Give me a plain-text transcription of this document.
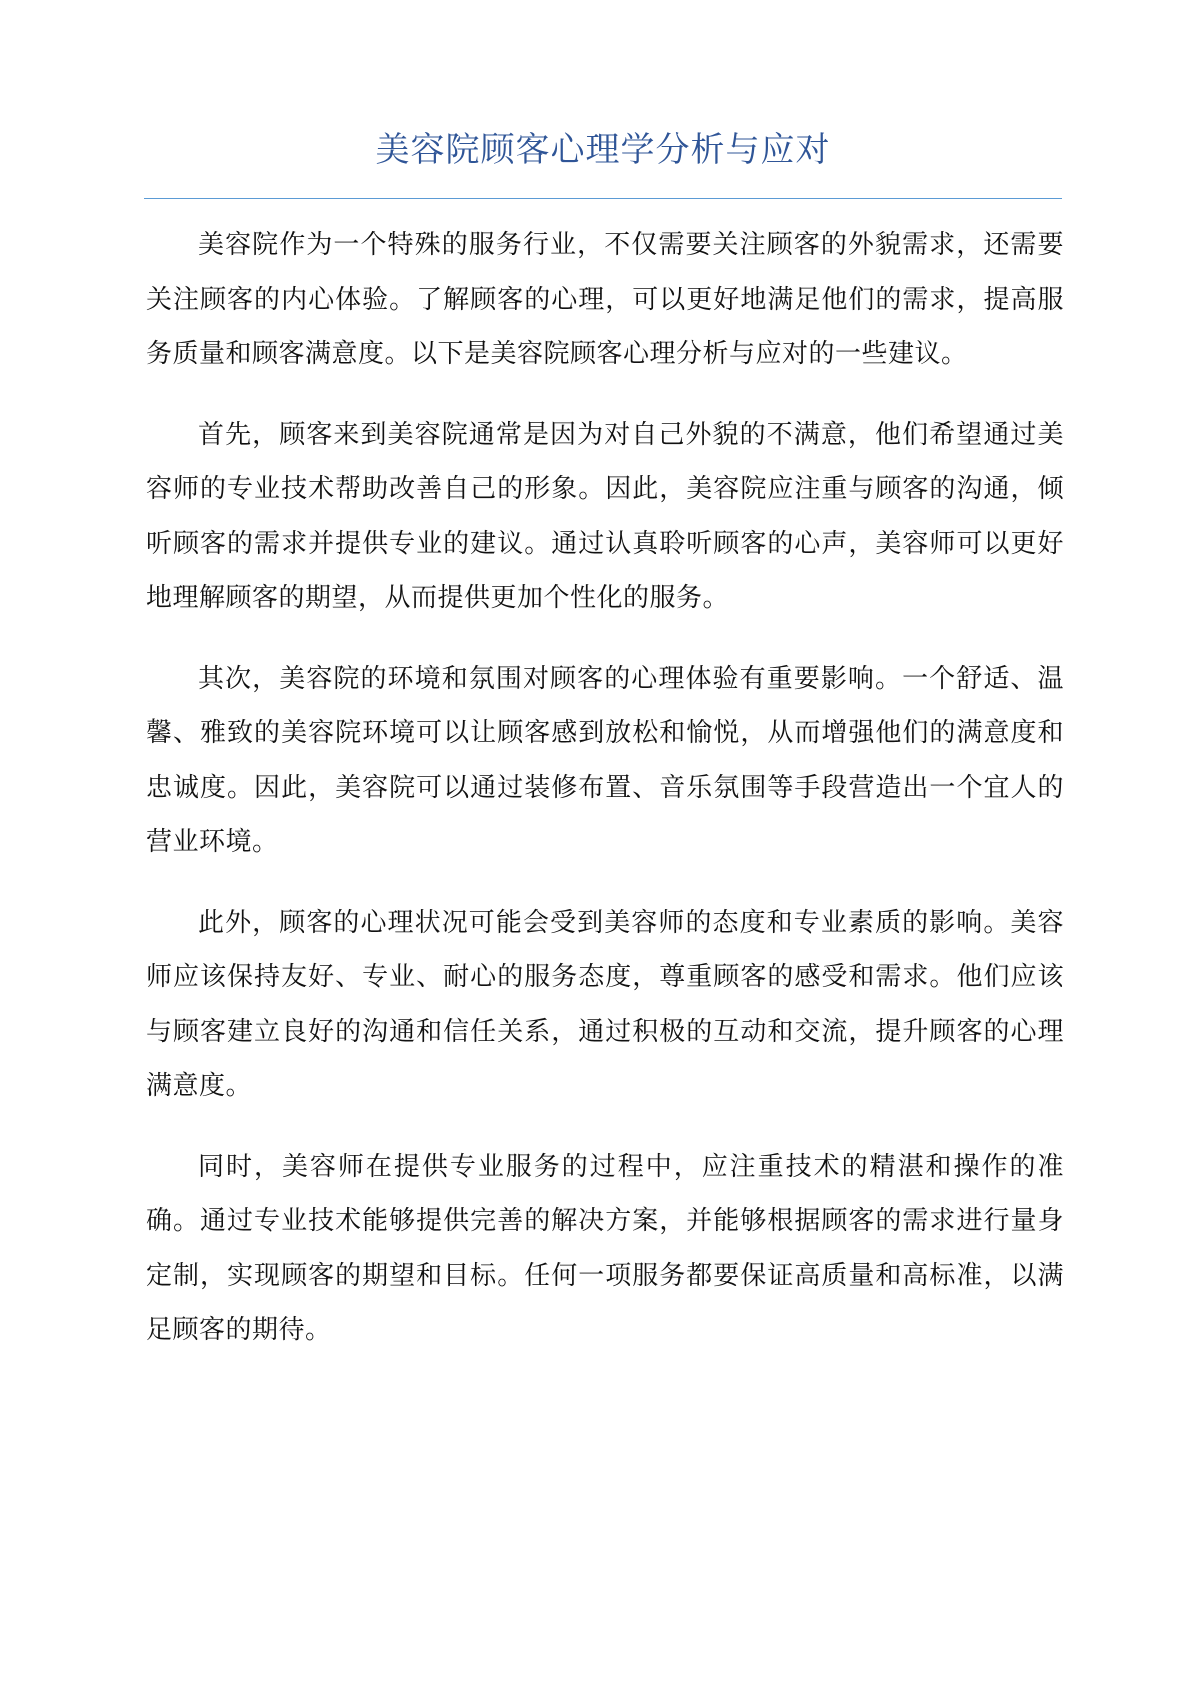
美容院顾客心理学分析与应对

美容院作为一个特殊的服务行业，不仅需要关注顾客的外貌需求，还需要关注顾客的内心体验。了解顾客的心理，可以更好地满足他们的需求，提高服务质量和顾客满意度。以下是美容院顾客心理分析与应对的一些建议。

首先，顾客来到美容院通常是因为对自己外貌的不满意，他们希望通过美容师的专业技术帮助改善自己的形象。因此，美容院应注重与顾客的沟通，倾听顾客的需求并提供专业的建议。通过认真聆听顾客的心声，美容师可以更好地理解顾客的期望，从而提供更加个性化的服务。

其次，美容院的环境和氛围对顾客的心理体验有重要影响。一个舒适、温馨、雅致的美容院环境可以让顾客感到放松和愉悦，从而增强他们的满意度和忠诚度。因此，美容院可以通过装修布置、音乐氛围等手段营造出一个宜人的营业环境。

此外，顾客的心理状况可能会受到美容师的态度和专业素质的影响。美容师应该保持友好、专业、耐心的服务态度，尊重顾客的感受和需求。他们应该与顾客建立良好的沟通和信任关系，通过积极的互动和交流，提升顾客的心理满意度。

同时，美容师在提供专业服务的过程中，应注重技术的精湛和操作的准确。通过专业技术能够提供完善的解决方案，并能够根据顾客的需求进行量身定制，实现顾客的期望和目标。任何一项服务都要保证高质量和高标准，以满足顾客的期待。
